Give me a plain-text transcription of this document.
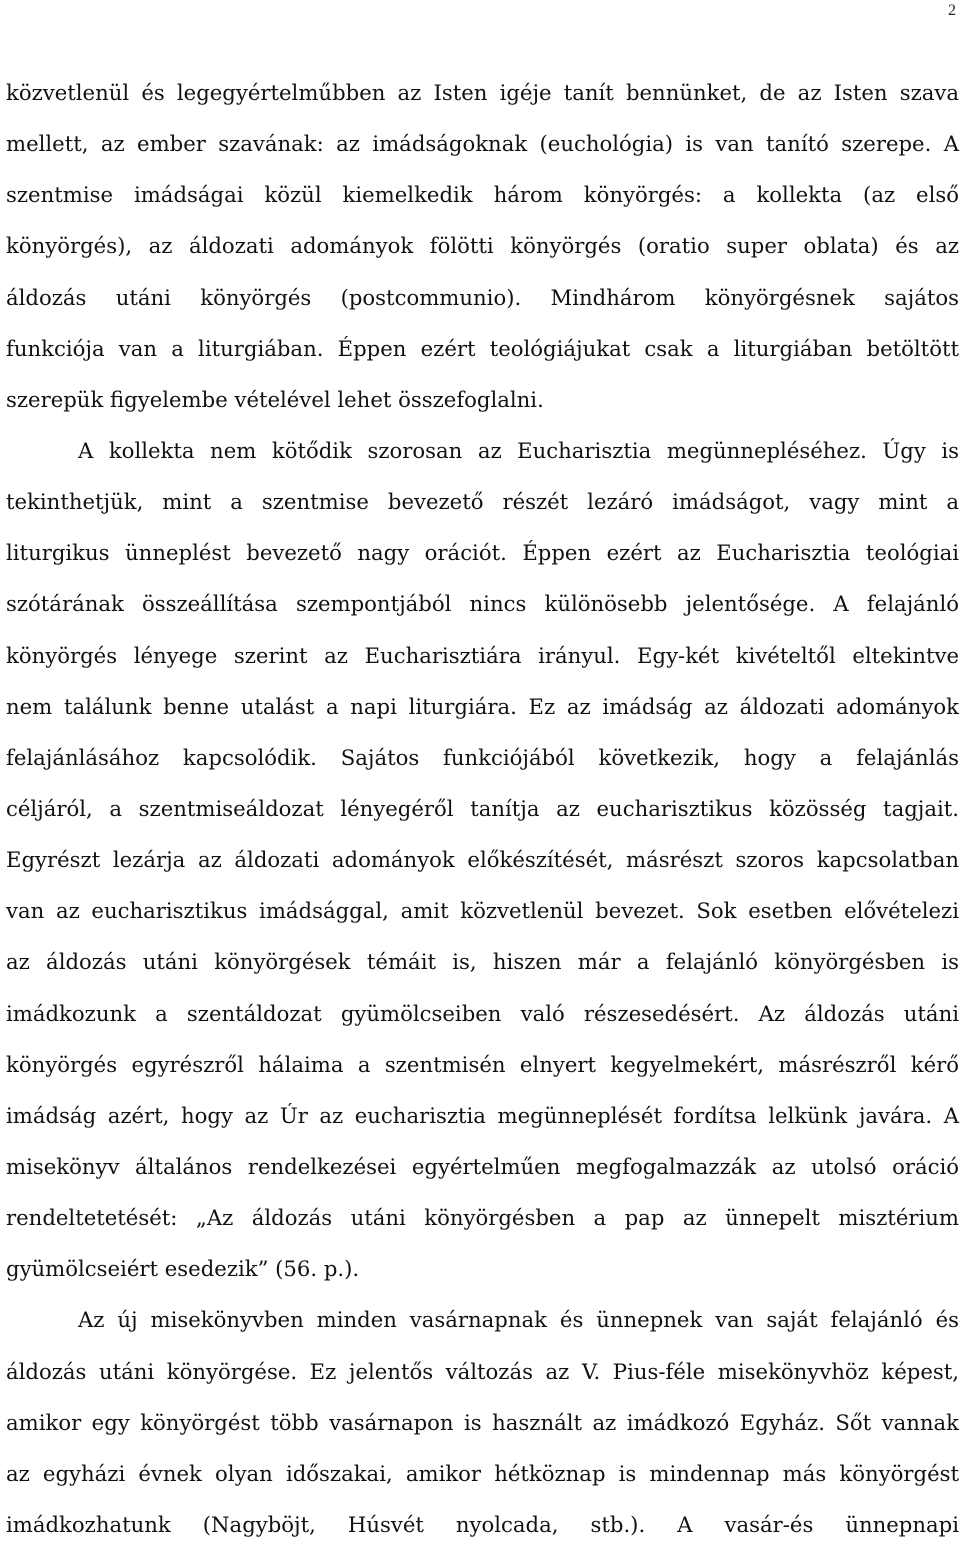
2
közvetlenül és legegyértelműbben az Isten igéje tanít bennünket, de az Isten szava
mellett, az ember szavának: az imádságoknak (euchológia) is van tanító szerepe. A
szentmise imádságai közül kiemelkedik három könyörgés: a kollekta (az első
könyörgés), az áldozati adományok fölötti könyörgés (oratio super oblata) és az
áldozás utáni könyörgés (postcommunio). Mindhárom könyörgésnek sajátos
funkciója van a liturgiában. Éppen ezért teológiájukat csak a liturgiában betöltött
szerepük figyelembe vételével lehet összefoglalni.
A kollekta nem kötődik szorosan az Eucharisztia megünnepléséhez. Úgy is
tekinthetjük, mint a szentmise bevezető részét lezáró imádságot, vagy mint a
liturgikus ünneplést bevezető nagy orációt. Éppen ezért az Eucharisztia teológiai
szótárának összeállítása szempontjából nincs különösebb jelentősége. A felajánló
könyörgés lényege szerint az Eucharisztiára irányul. Egy-két kivételtől eltekintve
nem találunk benne utalást a napi liturgiára. Ez az imádság az áldozati adományok
felajánlásához kapcsolódik. Sajátos funkciójából következik, hogy a felajánlás
céljáról, a szentmiseáldozat lényegéről tanítja az eucharisztikus közösség tagjait.
Egyrészt lezárja az áldozati adományok előkészítését, másrészt szoros kapcsolatban
van az eucharisztikus imádsággal, amit közvetlenül bevezet. Sok esetben elővételezi
az áldozás utáni könyörgések témáit is, hiszen már a felajánló könyörgésben is
imádkozunk a szentáldozat gyümölcseiben való részesedésért. Az áldozás utáni
könyörgés egyrészről hálaima a szentmisén elnyert kegyelmekért, másrészről kérő
imádság azért, hogy az Úr az eucharisztia megünneplését fordítsa lelkünk javára. A
misekönyv általános rendelkezései egyértelműen megfogalmazzák az utolsó oráció
rendeltetetését: „Az áldozás utáni könyörgésben a pap az ünnepelt misztérium
gyümölcseiért esedezik” (56. p.).
Az új misekönyvben minden vasárnapnak és ünnepnek van saját felajánló és
áldozás utáni könyörgése. Ez jelentős változás az V. Pius-féle misekönyvhöz képest,
amikor egy könyörgést több vasárnapon is használt az imádkozó Egyház. Sőt vannak
az egyházi évnek olyan időszakai, amikor hétköznap is mindennap más könyörgést
imádkozhatunk (Nagyböjt, Húsvét nyolcada, stb.). A vasár-és ünnepnapi
